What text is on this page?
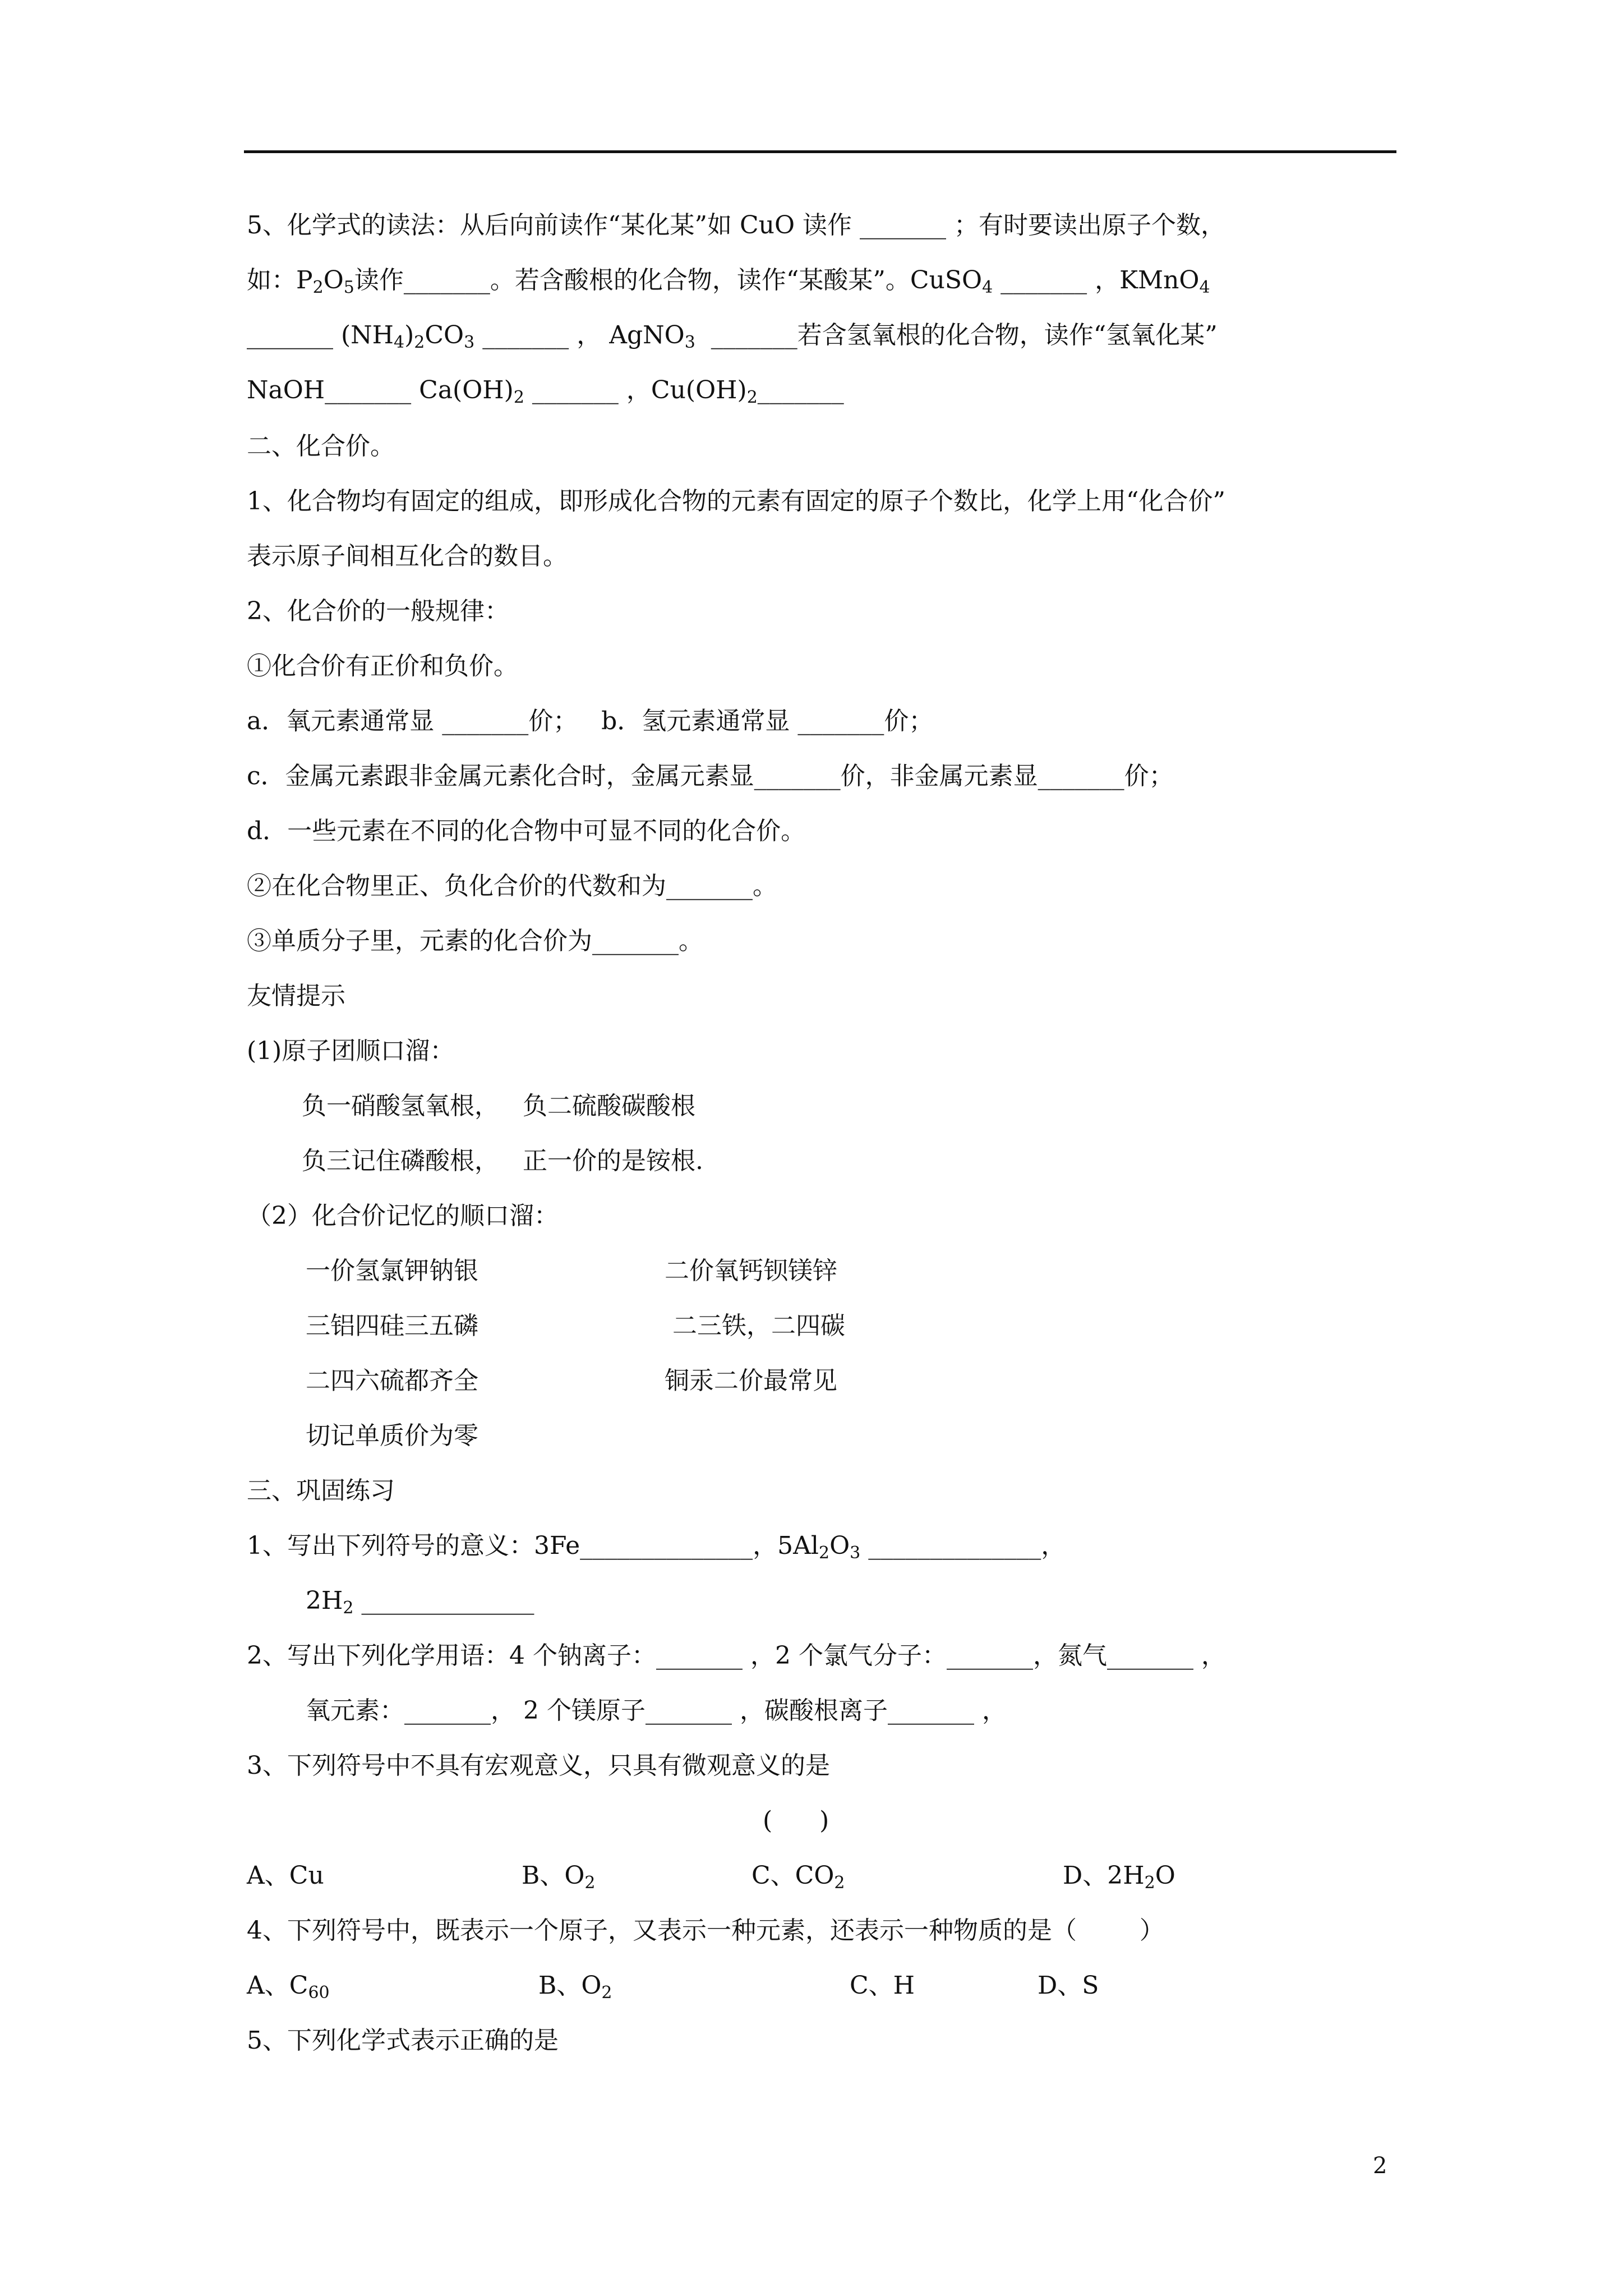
5、化学式的读法：从后向前读作“某化某”如 CuO 读作 _______ ；有时要读出原子个数，
如：$P_2O_5$读作_______。若含酸根的化合物，读作“某酸某”。CuSO$_4$ _______ ，KMnO$_4$
_______ $(NH_4)_2CO_3$ _______ ， AgNO$_3$  _______若含氢氧根的化合物，读作“氢氧化某”
NaOH_______ $Ca(OH)_2$ _______ ，$Cu(OH)_2\_\_\_\_\_\_\_$
二、化合价。
1、化合物均有固定的组成，即形成化合物的元素有固定的原子个数比，化学上用“化合价”
表示原子间相互化合的数目。
2、化合价的一般规律：
①化合价有正价和负价。
a．氧元素通常显 _______价；   b．氢元素通常显 _______价；
c．金属元素跟非金属元素化合时，金属元素显_______价，非金属元素显_______价；
d．一些元素在不同的化合物中可显不同的化合价。
②在化合物里正、负化合价的代数和为_______。
③单质分子里，元素的化合价为_______。
友情提示
(1)原子团顺口溜：
负一硝酸氢氧根，   负二硫酸碳酸根
负三记住磷酸根，   正一价的是铵根.
（2）化合价记忆的顺口溜：
一价氢氯钾钠银	二价氧钙钡镁锌
三铝四硅三五磷	二三铁，二四碳
二四六硫都齐全	铜汞二价最常见
切记单质价为零
三、巩固练习
1、写出下列符号的意义：3Fe______________，$5Al_2O_3$ ______________，
$2H_2$ ______________
2、写出下列化学用语：4 个钠离子：_______ ，2 个氯气分子：_______，氮气_______ ，
氧元素：_______， 2 个镁原子_______ ，碳酸根离子_______ ，
3、下列符号中不具有宏观意义，只具有微观意义的是
(      )
A、Cu	B、$O_2$	C、$CO_2$	D、$2H_2O$
4、下列符号中，既表示一个原子，又表示一种元素，还表示一种物质的是（        ）
A、$C_{60}$	B、$O_2$	C、H	D、S
5、下列化学式表示正确的是
2
